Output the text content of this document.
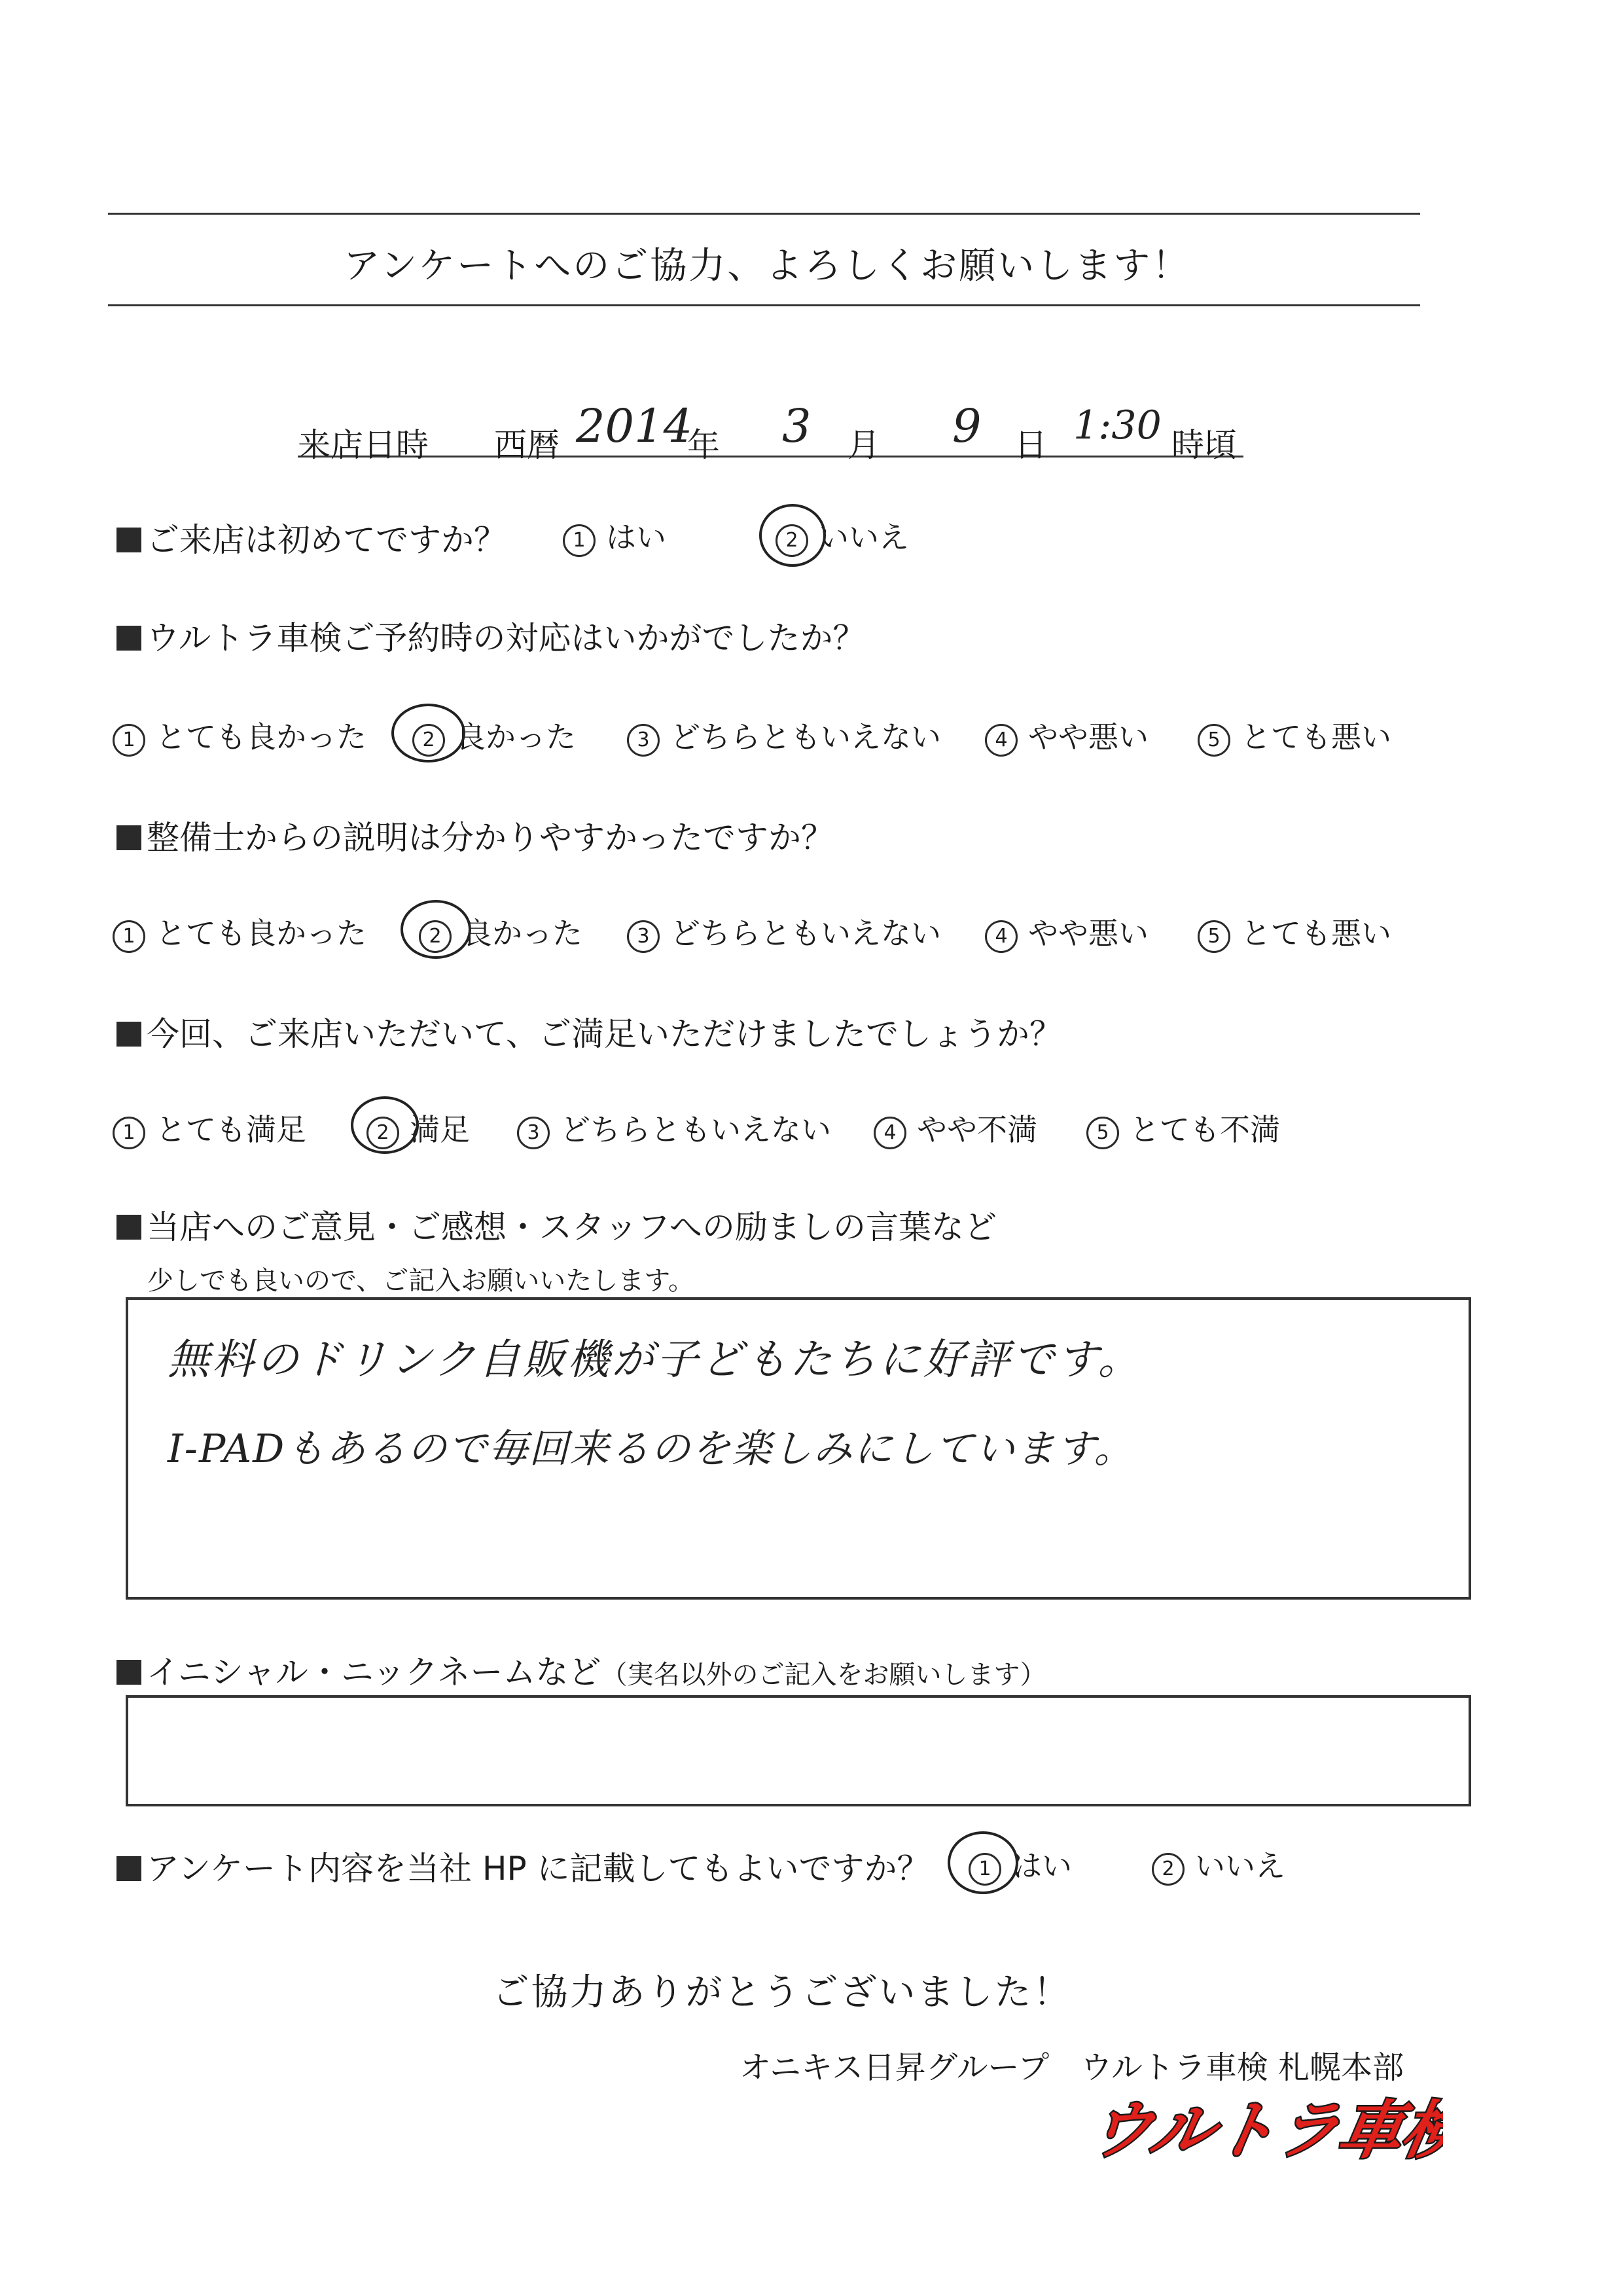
アンケートへのご協力、よろしくお願いします！
来店日時 西暦 2014
年 3 月 9 日 1:30 時頃
ご来店は初めてですか？	1 はい	2 いいえ
ウルトラ車検ご予約時の対応はいかがでしたか？
1 とても良かった	2 良かった	3 どちらともいえない	4 やや悪い	5 とても悪い
整備士からの説明は分かりやすかったですか？
1 とても良かった	2 良かった	3 どちらともいえない	4 やや悪い	5 とても悪い
今回、ご来店いただいて、ご満足いただけましたでしょうか？
1 とても満足	2 満足	3 どちらともいえない	4 やや不満	5 とても不満
当店へのご意見・ご感想・スタッフへの励ましの言葉など
少しでも良いので、ご記入お願いいたします。
無料のドリンク自販機が子どもたちに好評です。
I-PADもあるので毎回来るのを楽しみにしています。
イニシャル・ニックネームなど（実名以外のご記入をお願いします）
アンケート内容を当社 HP に記載してもよいですか？	1 はい	2 いいえ
ご協力ありがとうございました！
オニキス日昇グループ　ウルトラ車検 札幌本部
ウルトラ車検
